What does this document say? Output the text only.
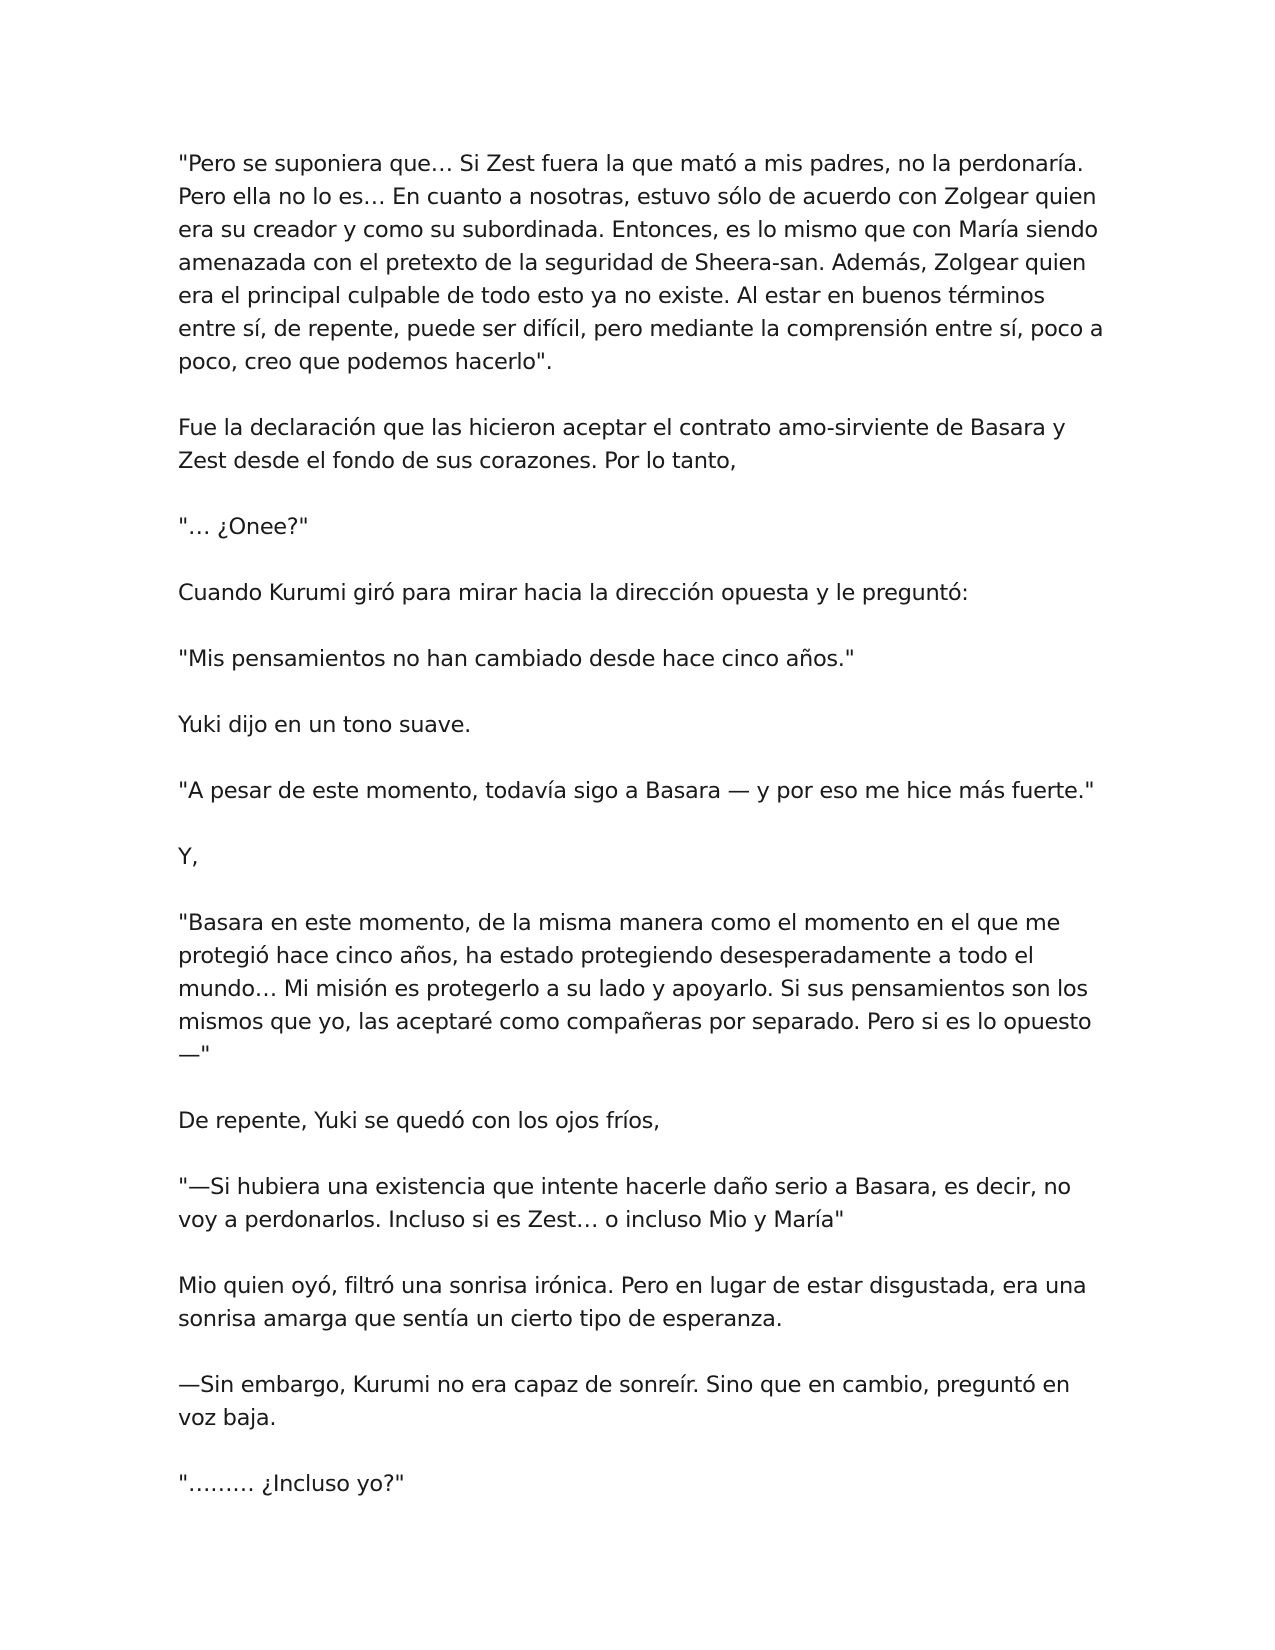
"Pero se suponiera que… Si Zest fuera la que mató a mis padres, no la perdonaría. Pero ella no lo es… En cuanto a nosotras, estuvo sólo de acuerdo con Zolgear quien era su creador y como su subordinada. Entonces, es lo mismo que con María siendo amenazada con el pretexto de la seguridad de Sheera-san. Además, Zolgear quien era el principal culpable de todo esto ya no existe. Al estar en buenos términos entre sí, de repente, puede ser difícil, pero mediante la comprensión entre sí, poco a poco, creo que podemos hacerlo".

Fue la declaración que las hicieron aceptar el contrato amo-sirviente de Basara y Zest desde el fondo de sus corazones. Por lo tanto,

"… ¿Onee?"

Cuando Kurumi giró para mirar hacia la dirección opuesta y le preguntó:

"Mis pensamientos no han cambiado desde hace cinco años."

Yuki dijo en un tono suave.

"A pesar de este momento, todavía sigo a Basara — y por eso me hice más fuerte."

Y,

"Basara en este momento, de la misma manera como el momento en el que me protegió hace cinco años, ha estado protegiendo desesperadamente a todo el mundo… Mi misión es protegerlo a su lado y apoyarlo. Si sus pensamientos son los mismos que yo, las aceptaré como compañeras por separado. Pero si es lo opuesto—"

De repente, Yuki se quedó con los ojos fríos,

"—Si hubiera una existencia que intente hacerle daño serio a Basara, es decir, no voy a perdonarlos. Incluso si es Zest… o incluso Mio y María"

Mio quien oyó, filtró una sonrisa irónica. Pero en lugar de estar disgustada, era una sonrisa amarga que sentía un cierto tipo de esperanza.

—Sin embargo, Kurumi no era capaz de sonreír. Sino que en cambio, preguntó en voz baja.

"……… ¿Incluso yo?"
